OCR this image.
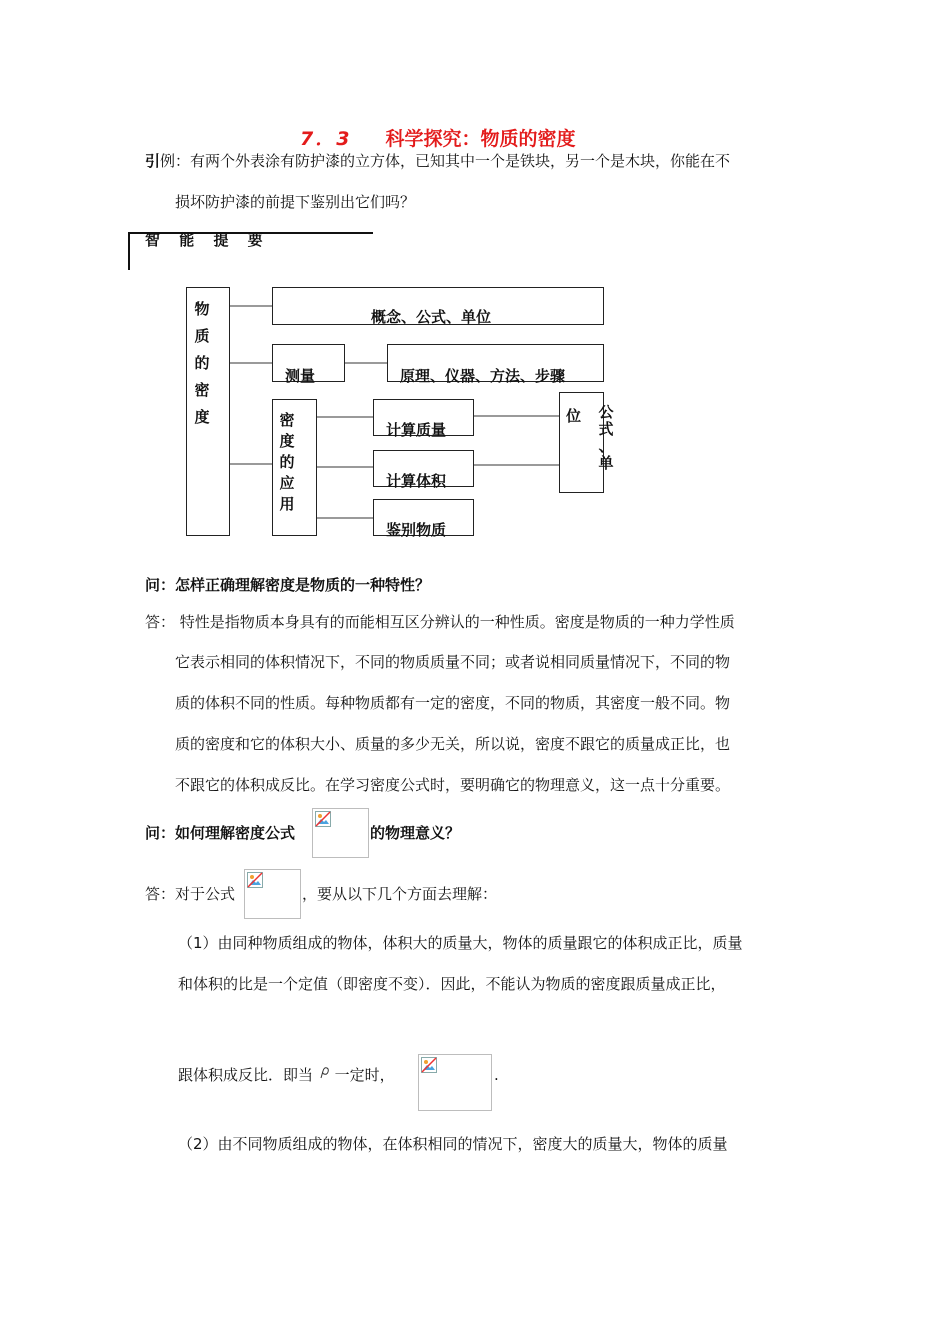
7．3 科学探究：物质的密度
引例：有两个外表涂有防护漆的立方体，已知其中一个是铁块，另一个是木块，你能在不
损坏防护漆的前提下鉴别出它们吗？
智 能 提 要
物
质
的
密
度
概念、公式、单位
测量	原理、仪器、方法、步骤
密
度
的
应
用
计算质量
计算体积
鉴别物质
位 公
式
、
单
问：怎样正确理解密度是物质的一种特性？
答： 特性是指物质本身具有的而能相互区分辨认的一种性质。密度是物质的一种力学性质
它表示相同的体积情况下，不同的物质质量不同；或者说相同质量情况下，不同的物
质的体积不同的性质。每种物质都有一定的密度，不同的物质，其密度一般不同。物
质的密度和它的体积大小、质量的多少无关，所以说，密度不跟它的质量成正比，也
不跟它的体积成反比。在学习密度公式时，要明确它的物理意义，这一点十分重要。
问：如何理解密度公式	的物理意义？
答：对于公式	，要从以下几个方面去理解：
（1）由同种物质组成的物体，体积大的质量大，物体的质量跟它的体积成正比，质量
和体积的比是一个定值（即密度不变）．因此，不能认为物质的密度跟质量成正比，
跟体积成反比．即当 一定时，	.
（2）由不同物质组成的物体，在体积相同的情况下，密度大的质量大，物体的质量
